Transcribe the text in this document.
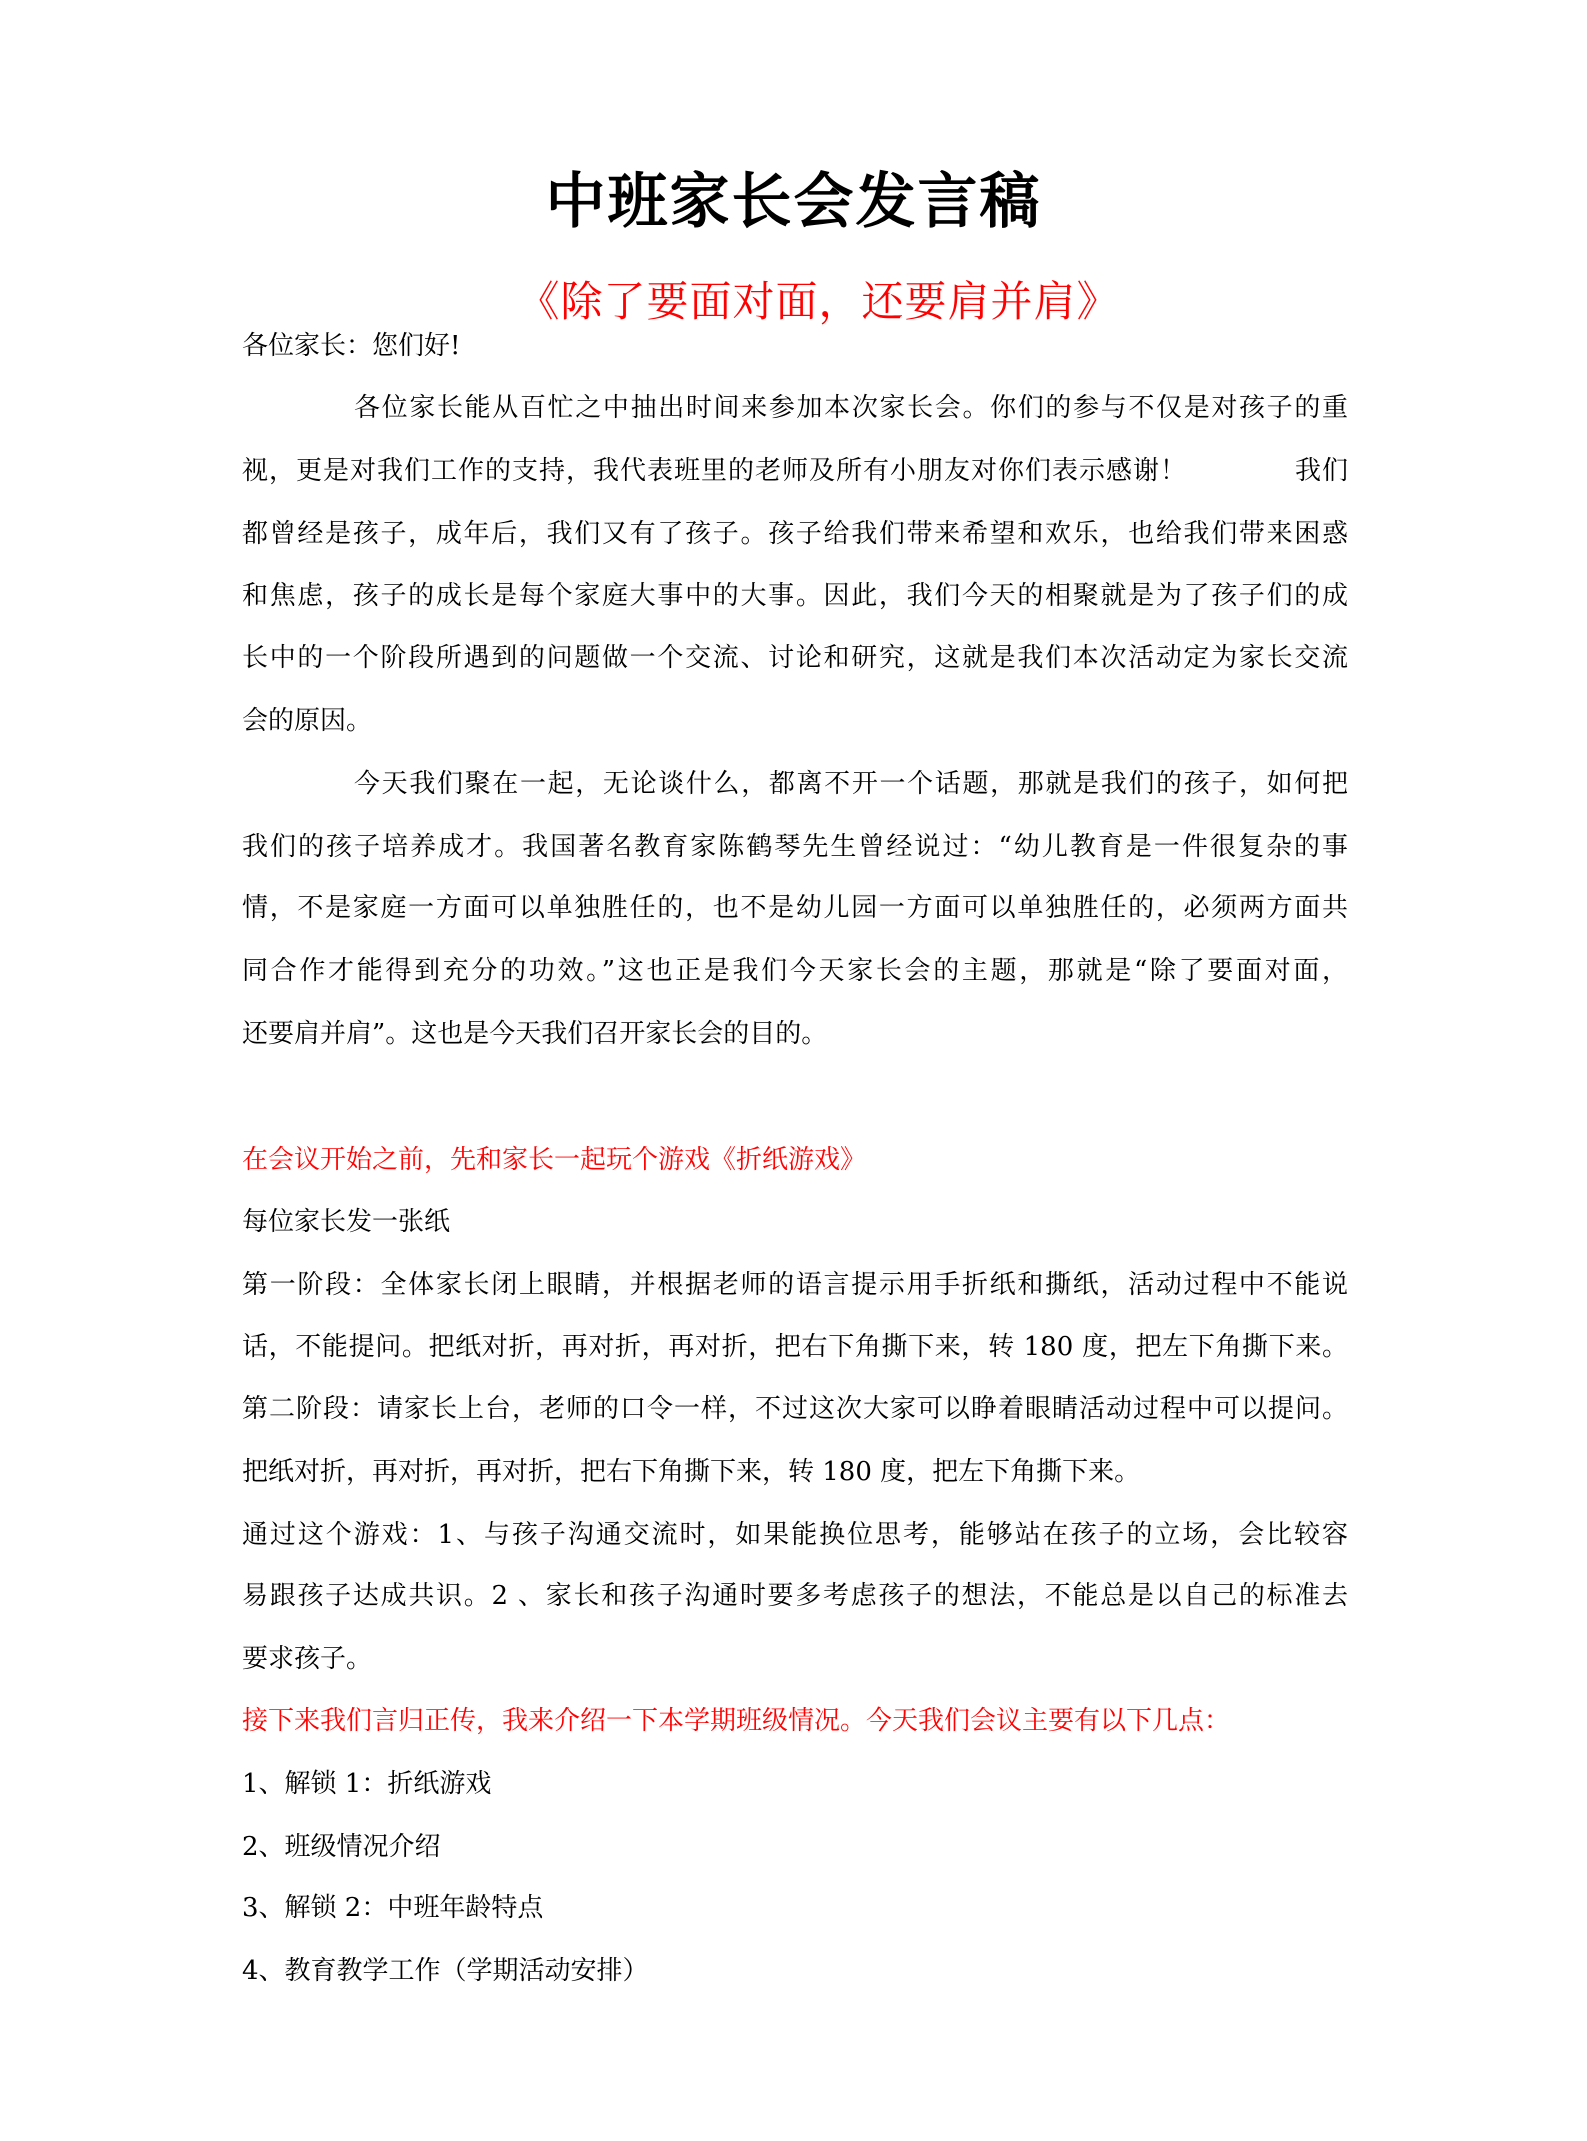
中班家长会发言稿
《除了要面对面，还要肩并肩》
各位家长：您们好!
各位家长能从百忙之中抽出时间来参加本次家长会。你们的参与不仅是对孩子的重
视，更是对我们工作的支持，我代表班里的老师及所有小朋友对你们表示感谢！　　　　我们
都曾经是孩子，成年后，我们又有了孩子。孩子给我们带来希望和欢乐，也给我们带来困惑
和焦虑，孩子的成长是每个家庭大事中的大事。因此，我们今天的相聚就是为了孩子们的成
长中的一个阶段所遇到的问题做一个交流、讨论和研究，这就是我们本次活动定为家长交流
会的原因。
今天我们聚在一起，无论谈什么，都离不开一个话题，那就是我们的孩子，如何把
我们的孩子培养成才。我国著名教育家陈鹤琴先生曾经说过：“幼儿教育是一件很复杂的事
情，不是家庭一方面可以单独胜任的，也不是幼儿园一方面可以单独胜任的，必须两方面共
同合作才能得到充分的功效。”这也正是我们今天家长会的主题，那就是“除了要面对面，
还要肩并肩”。这也是今天我们召开家长会的目的。
在会议开始之前，先和家长一起玩个游戏《折纸游戏》
每位家长发一张纸
第一阶段：全体家长闭上眼睛，并根据老师的语言提示用手折纸和撕纸，活动过程中不能说
话，不能提问。把纸对折，再对折，再对折，把右下角撕下来，转 180 度，把左下角撕下来。
第二阶段：请家长上台，老师的口令一样，不过这次大家可以睁着眼睛活动过程中可以提问。
把纸对折，再对折，再对折，把右下角撕下来，转 180 度，把左下角撕下来。
通过这个游戏：1、与孩子沟通交流时，如果能换位思考，能够站在孩子的立场，会比较容
易跟孩子达成共识。2 、家长和孩子沟通时要多考虑孩子的想法，不能总是以自己的标准去
要求孩子。
接下来我们言归正传，我来介绍一下本学期班级情况。今天我们会议主要有以下几点：
1、解锁 1：折纸游戏
2、班级情况介绍
3、解锁 2：中班年龄特点
4、教育教学工作（学期活动安排）
